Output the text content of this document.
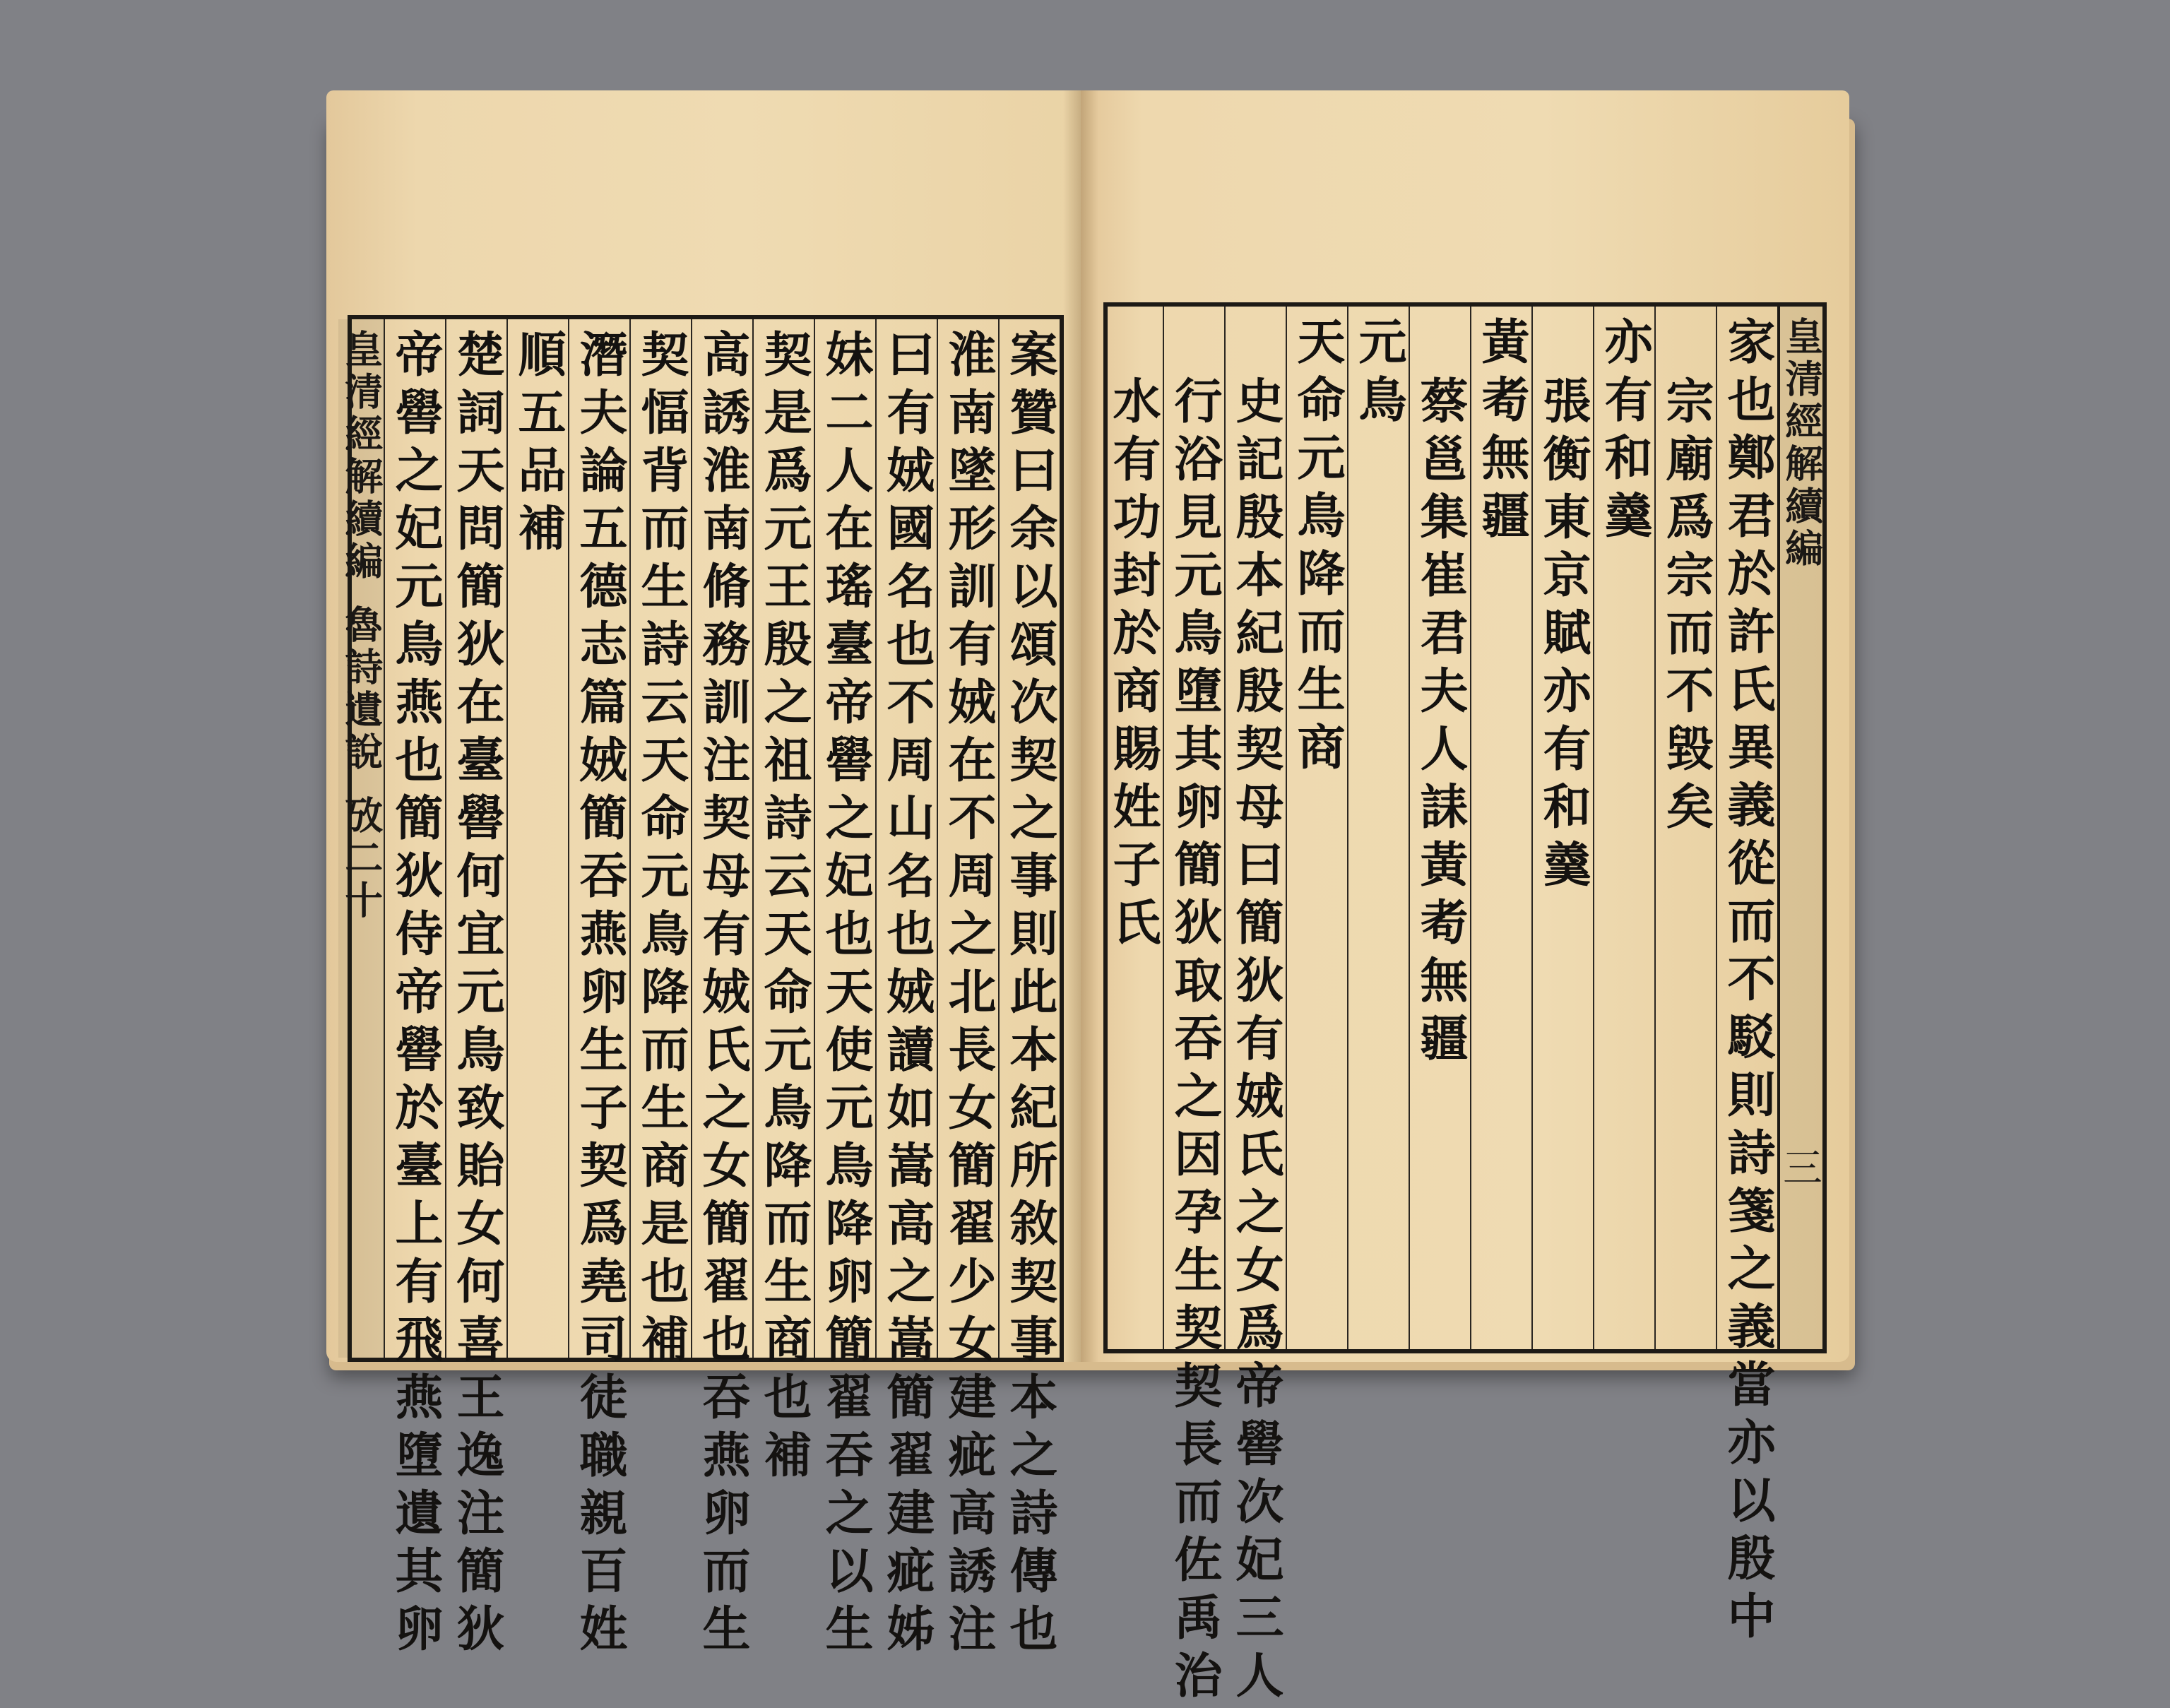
案贊曰余以頌次契之事則此本紀所敘契事本之詩傳也
淮南墜形訓有娀在不周之北長女簡翟少女建疵高誘注
曰有娀國名也不周山名也娀讀如嵩高之嵩簡翟建疵姊
妹二人在瑤臺帝嚳之妃也天使元鳥降卵簡翟吞之以生
契是爲元王殷之祖詩云天命元鳥降而生商也補
高誘淮南脩務訓注契母有娀氏之女簡翟也吞燕卵而生
契愊背而生詩云天命元鳥降而生商是也補
潛夫論五德志篇娀簡吞燕卵生子契爲堯司徒職親百姓
順五品補
楚詞天問簡狄在臺嚳何宜元鳥致貽女何喜王逸注簡狄
帝嚳之妃元鳥燕也簡狄侍帝嚳於臺上有飛燕墮遺其卵
皇清經解續編
魯詩遺說
攷二十
皇清經解續編
三
家也鄭君於許氏異義從而不駁則詩箋之義當亦以殷中
宗廟爲宗而不毀矣
亦有和羹
張衡東京賦亦有和羹
黃耇無疆
蔡邕集崔君夫人誄黃耇無疆
元鳥
天命元鳥降而生商
史記殷本紀殷契母曰簡狄有娀氏之女爲帝嚳次妃三人
行浴見元鳥墮其卵簡狄取吞之因孕生契契長而佐禹治
水有功封於商賜姓子氏
